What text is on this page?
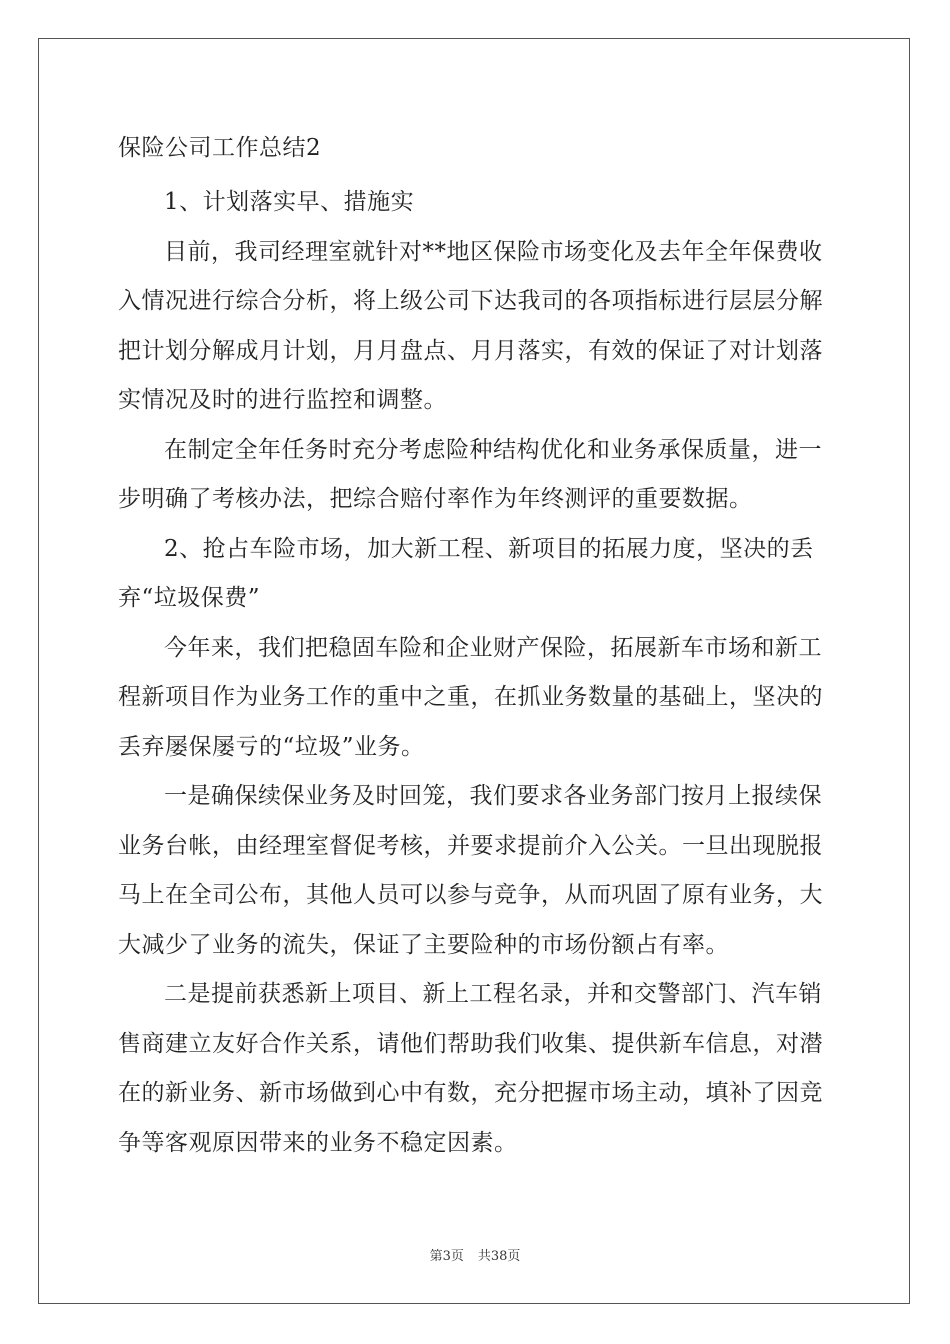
保险公司工作总结2

1、计划落实早、措施实

目前，我司经理室就针对**地区保险市场变化及去年全年保费收
入情况进行综合分析，将上级公司下达我司的各项指标进行层层分解
把计划分解成月计划，月月盘点、月月落实，有效的保证了对计划落
实情况及时的进行监控和调整。

在制定全年任务时充分考虑险种结构优化和业务承保质量，进一
步明确了考核办法，把综合赔付率作为年终测评的重要数据。

2、抢占车险市场，加大新工程、新项目的拓展力度，坚决的丢
弃“垃圾保费”

今年来，我们把稳固车险和企业财产保险，拓展新车市场和新工
程新项目作为业务工作的重中之重，在抓业务数量的基础上，坚决的
丢弃屡保屡亏的“垃圾”业务。

一是确保续保业务及时回笼，我们要求各业务部门按月上报续保
业务台帐，由经理室督促考核，并要求提前介入公关。一旦出现脱报
马上在全司公布，其他人员可以参与竞争，从而巩固了原有业务，大
大减少了业务的流失，保证了主要险种的市场份额占有率。

二是提前获悉新上项目、新上工程名录，并和交警部门、汽车销
售商建立友好合作关系，请他们帮助我们收集、提供新车信息，对潜
在的新业务、新市场做到心中有数，充分把握市场主动，填补了因竞
争等客观原因带来的业务不稳定因素。

第3页 共38页
